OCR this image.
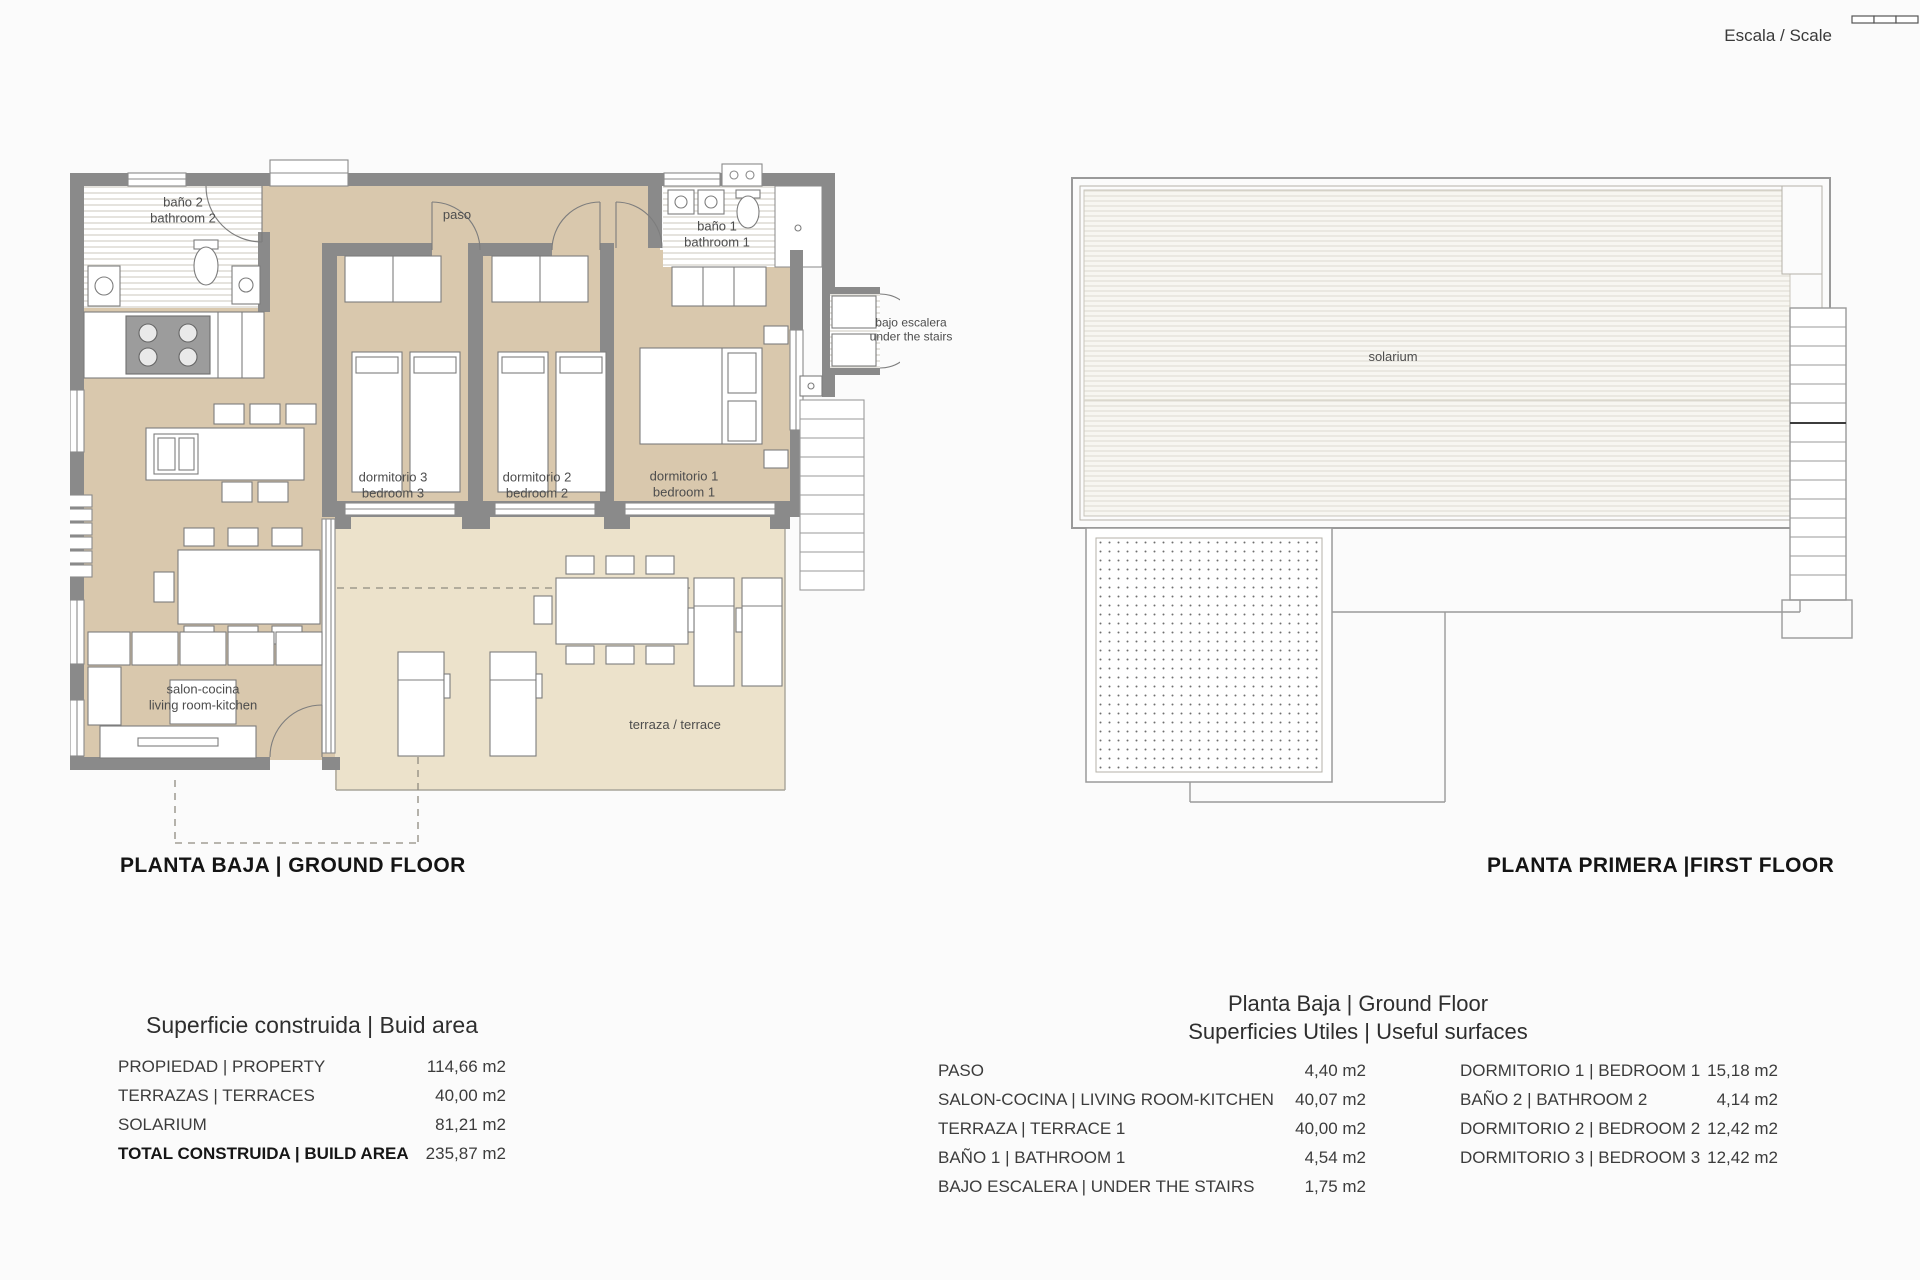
Escala / Scale
baño 2
bathroom 2	paso
baño 1
bathroom 1
bajo escalera
under the stairs
dormitorio 3
bedroom 3
dormitorio 2
bedroom 2
dormitorio 1
bedroom 1
salon-cocina
living room-kitchen
terraza / terrace
solarium
PLANTA BAJA | GROUND FLOOR	PLANTA PRIMERA |FIRST FLOOR
Superficie construida | Buid area
PROPIEDAD | PROPERTY	114,66 m2
TERRAZAS | TERRACES	40,00 m2
SOLARIUM	81,21 m2
TOTAL CONSTRUIDA | BUILD AREA 235,87 m2
Planta Baja | Ground Floor
Superficies Utiles | Useful surfaces
PASO	4,40 m2
SALON-COCINA | LIVING ROOM-KITCHEN 40,07 m2
TERRAZA | TERRACE 1	40,00 m2
BAÑO 1 | BATHROOM 1	4,54 m2
BAJO ESCALERA | UNDER THE STAIRS	1,75 m2
DORMITORIO 1 | BEDROOM 1 15,18 m2
BAÑO 2 | BATHROOM 2	4,14 m2
DORMITORIO 2 | BEDROOM 2 12,42 m2
DORMITORIO 3 | BEDROOM 3 12,42 m2
